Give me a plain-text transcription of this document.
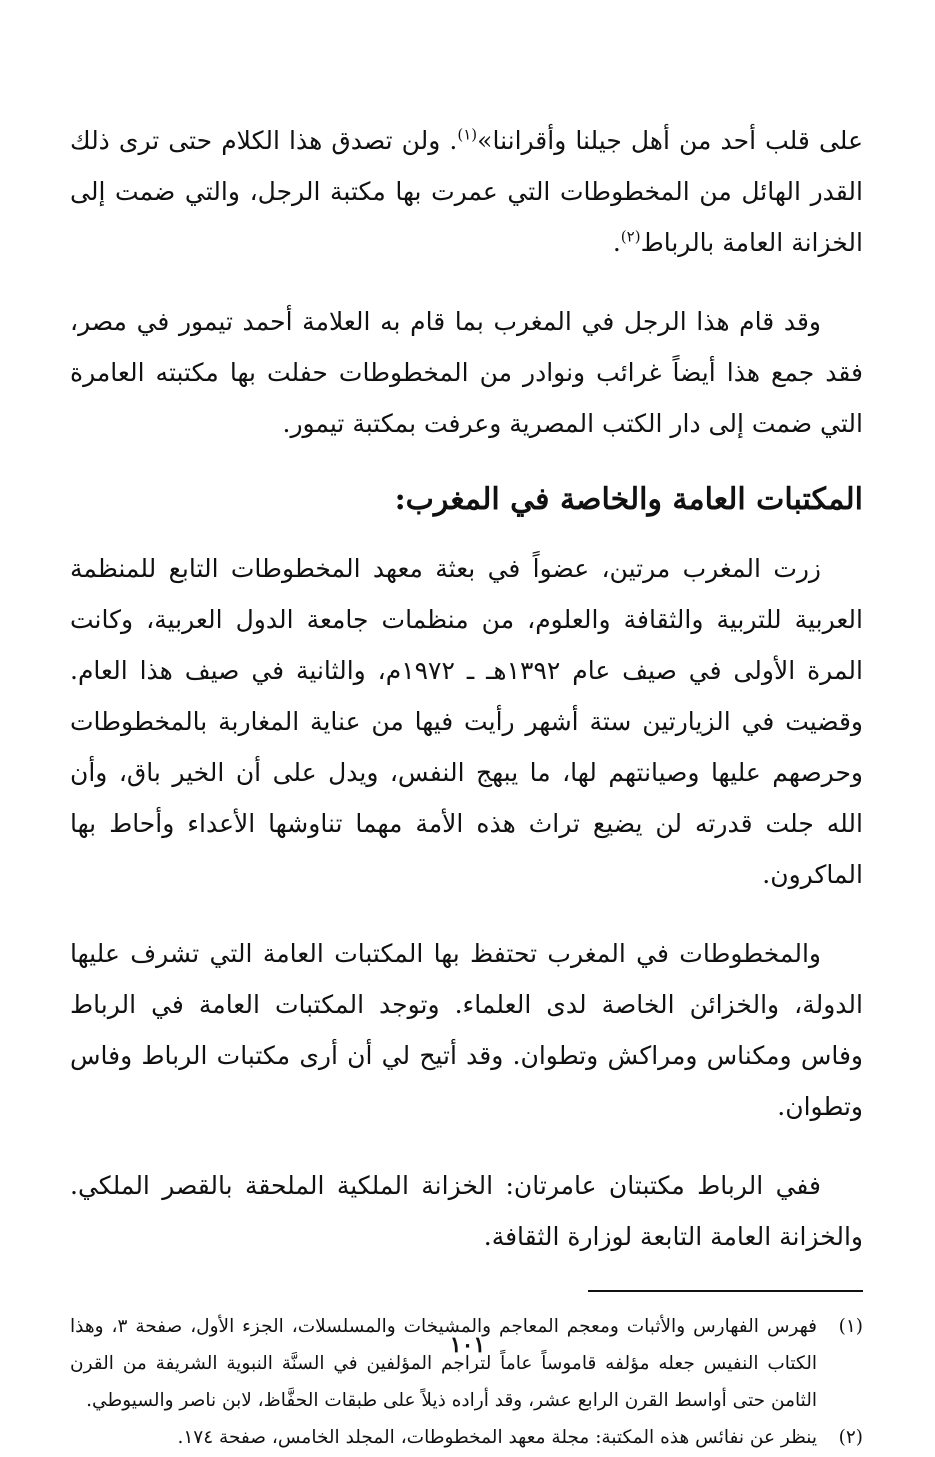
على قلب أحد من أهل جيلنا وأقراننا»$^{(١)}$. ولن تصدق هذا الكلام حتى ترى ذلك القدر الهائل من المخطوطات التي عمرت بها مكتبة الرجل، والتي ضمت إلى الخزانة العامة بالرباط$^{(٢)}$.

وقد قام هذا الرجل في المغرب بما قام به العلامة أحمد تيمور في مصر، فقد جمع هذا أيضاً غرائب ونوادر من المخطوطات حفلت بها مكتبته العامرة التي ضمت إلى دار الكتب المصرية وعرفت بمكتبة تيمور.

المكتبات العامة والخاصة في المغرب:

زرت المغرب مرتين، عضواً في بعثة معهد المخطوطات التابع للمنظمة العربية للتربية والثقافة والعلوم، من منظمات جامعة الدول العربية، وكانت المرة الأولى في صيف عام ١٣٩٢هـ ـ ١٩٧٢م، والثانية في صيف هذا العام. وقضيت في الزيارتين ستة أشهر رأيت فيها من عناية المغاربة بالمخطوطات وحرصهم عليها وصيانتهم لها، ما يبهج النفس، ويدل على أن الخير باق، وأن الله جلت قدرته لن يضيع تراث هذه الأمة مهما تناوشها الأعداء وأحاط بها الماكرون.

والمخطوطات في المغرب تحتفظ بها المكتبات العامة التي تشرف عليها الدولة، والخزائن الخاصة لدى العلماء. وتوجد المكتبات العامة في الرباط وفاس ومكناس ومراكش وتطوان. وقد أتيح لي أن أرى مكتبات الرباط وفاس وتطوان.

ففي الرباط مكتبتان عامرتان: الخزانة الملكية الملحقة بالقصر الملكي. والخزانة العامة التابعة لوزارة الثقافة.

(١)
فهرس الفهارس والأثبات ومعجم المعاجم والمشيخات والمسلسلات، الجزء الأول، صفحة ٣، وهذا الكتاب النفيس جعله مؤلفه قاموساً عاماً لتراجم المؤلفين في السنَّة النبوية الشريفة من القرن الثامن حتى أواسط القرن الرابع عشر، وقد أراده ذيلاً على طبقات الحفَّاظ، لابن ناصر والسيوطي.
(٢)
ينظر عن نفائس هذه المكتبة: مجلة معهد المخطوطات، المجلد الخامس، صفحة ١٧٤.
١٠١
